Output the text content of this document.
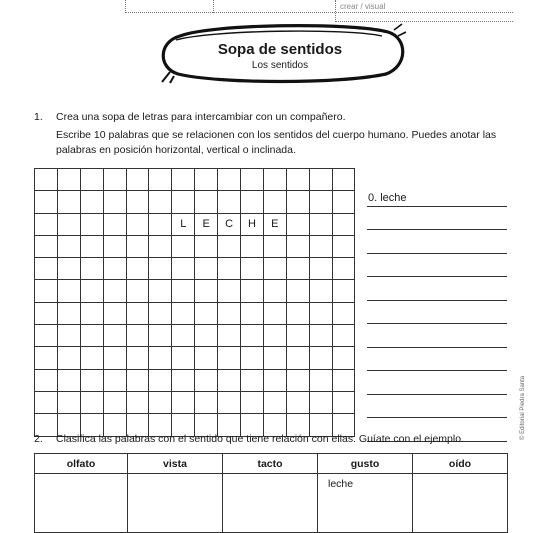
crear / visual
Sopa de sentidos
Los sentidos
1. Crea una sopa de letras para intercambiar con un compañero.
Escribe 10 palabras que se relacionen con los sentidos del cuerpo humano. Puedes anotar las
palabras en posición horizontal, vertical o inclinada.

						L	E	C	H	E			

0. leche
2. Clasifica las palabras con el sentido que tiene relación con ellas. Guíate con el ejemplo.
olfato	vista	tacto	gusto	oído
			leche	
© Editorial Piedra Santa
